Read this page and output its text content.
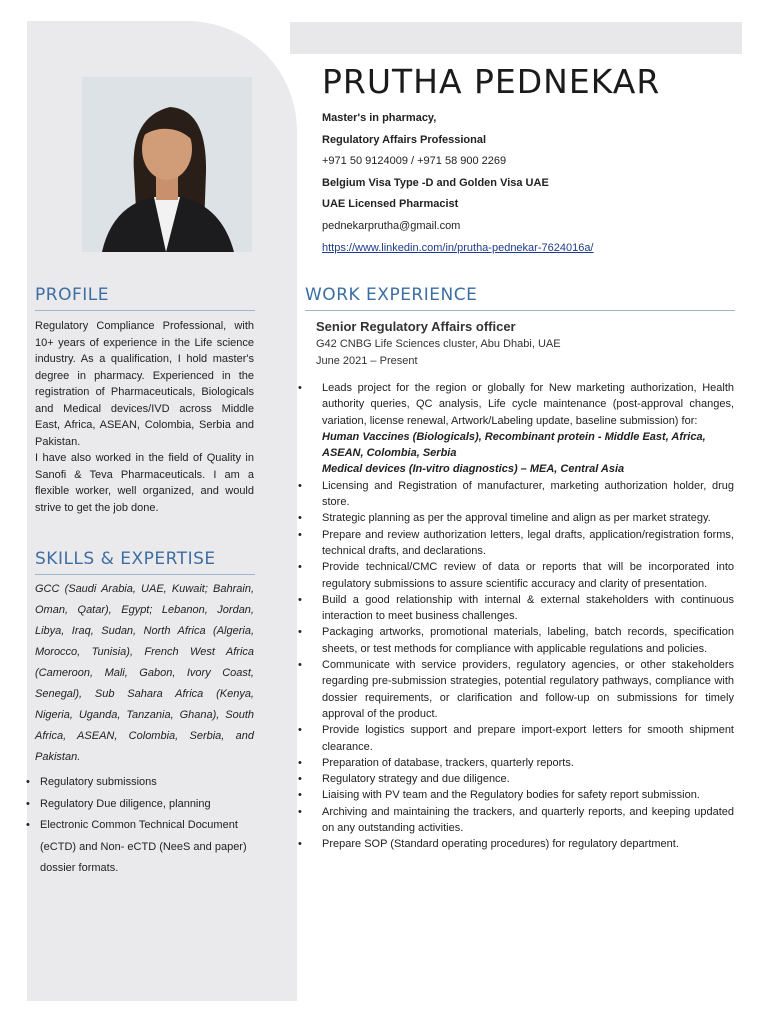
PRUTHA PEDNEKAR
Master's in pharmacy,
Regulatory Affairs Professional
+971 50 9124009 / +971 58 900 2269
Belgium Visa Type -D and Golden Visa UAE
UAE Licensed Pharmacist
pednekarprutha@gmail.com
https://www.linkedin.com/in/prutha-pednekar-7624016a/
PROFILE
Regulatory Compliance Professional, with 10+ years of experience in the Life science industry. As a qualification, I hold master's degree in pharmacy. Experienced in the registration of Pharmaceuticals, Biologicals and Medical devices/IVD across Middle East, Africa, ASEAN, Colombia, Serbia and Pakistan.
I have also worked in the field of Quality in Sanofi & Teva Pharmaceuticals. I am a flexible worker, well organized, and would strive to get the job done.
SKILLS & EXPERTISE
GCC (Saudi Arabia, UAE, Kuwait; Bahrain, Oman, Qatar), Egypt; Lebanon, Jordan, Libya, Iraq, Sudan, North Africa (Algeria, Morocco, Tunisia), French West Africa (Cameroon, Mali, Gabon, Ivory Coast, Senegal), Sub Sahara Africa (Kenya, Nigeria, Uganda, Tanzania, Ghana), South Africa, ASEAN, Colombia, Serbia, and Pakistan.
• Regulatory submissions
• Regulatory Due diligence, planning
• Electronic Common Technical Document (eCTD) and Non- eCTD (NeeS and paper) dossier formats.
WORK EXPERIENCE
Senior Regulatory Affairs officer
G42 CNBG Life Sciences cluster, Abu Dhabi, UAE
June 2021 – Present
• Leads project for the region or globally for New marketing authorization, Health authority queries, QC analysis, Life cycle maintenance (post-approval changes, variation, license renewal, Artwork/Labeling update, baseline submission) for:
Human Vaccines (Biologicals), Recombinant protein - Middle East, Africa, ASEAN, Colombia, Serbia
Medical devices (In-vitro diagnostics) – MEA, Central Asia
• Licensing and Registration of manufacturer, marketing authorization holder, drug store.
• Strategic planning as per the approval timeline and align as per market strategy.
• Prepare and review authorization letters, legal drafts, application/registration forms, technical drafts, and declarations.
• Provide technical/CMC review of data or reports that will be incorporated into regulatory submissions to assure scientific accuracy and clarity of presentation.
• Build a good relationship with internal & external stakeholders with continuous interaction to meet business challenges.
• Packaging artworks, promotional materials, labeling, batch records, specification sheets, or test methods for compliance with applicable regulations and policies.
• Communicate with service providers, regulatory agencies, or other stakeholders regarding pre-submission strategies, potential regulatory pathways, compliance with dossier requirements, or clarification and follow-up on submissions for timely approval of the product.
• Provide logistics support and prepare import-export letters for smooth shipment clearance.
• Preparation of database, trackers, quarterly reports.
• Regulatory strategy and due diligence.
• Liaising with PV team and the Regulatory bodies for safety report submission.
• Archiving and maintaining the trackers, and quarterly reports, and keeping updated on any outstanding activities.
• Prepare SOP (Standard operating procedures) for regulatory department.
